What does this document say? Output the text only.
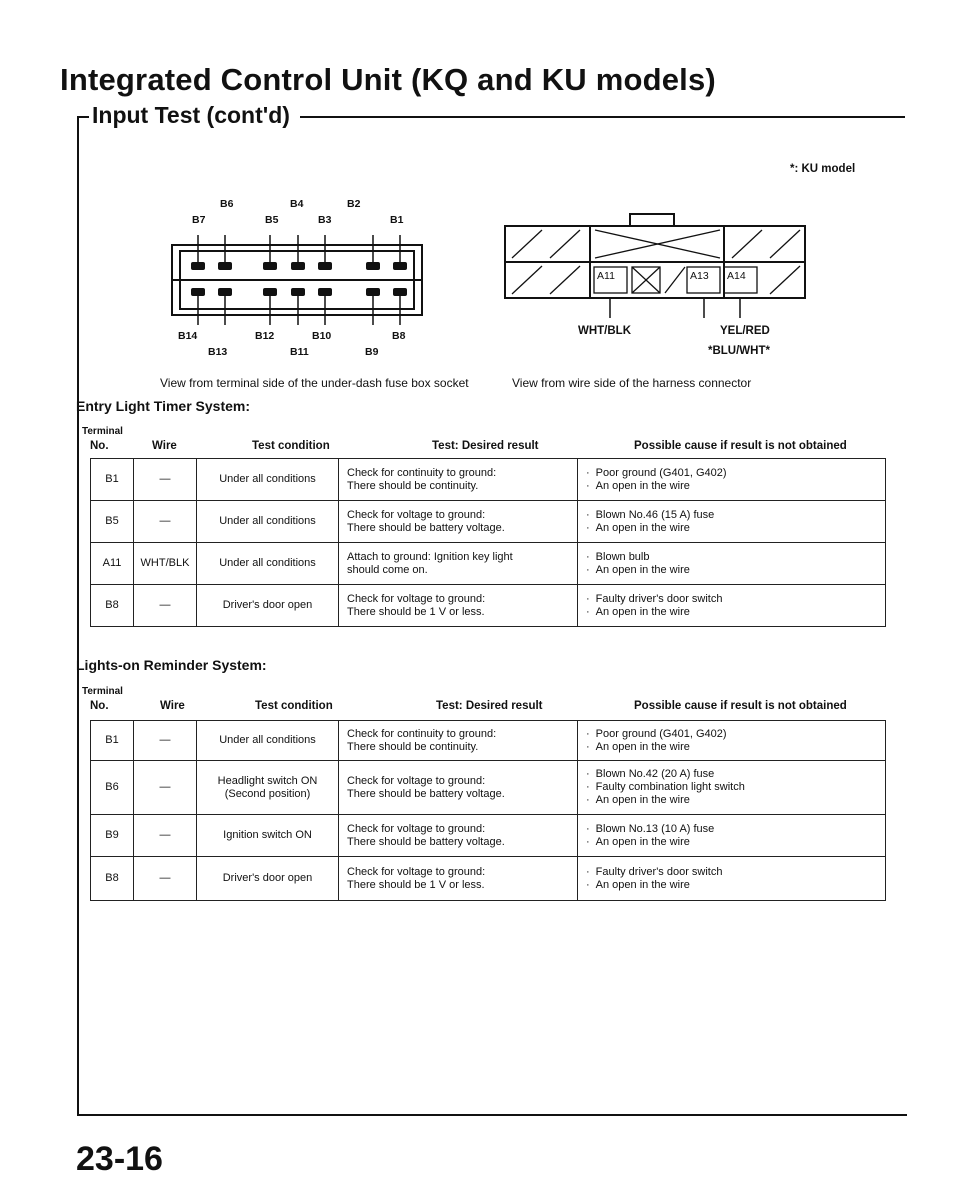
Integrated Control Unit (KQ and KU models)
Input Test (cont'd)
B6	B4	B2
B7	B5	B3	B1
B14	B12	B10	B8
B13	B11	B9
View from terminal side of the under-dash fuse box socket
*: KU model
A11	A13 A14
WHT/BLK	YEL/RED
*BLU/WHT*
View from wire side of the harness connector
Entry Light Timer System:
Terminal
No.	Wire	Test condition	Test: Desired result	Possible cause if result is not obtained
B1	—	Under all conditions	Check for continuity to ground:
There should be continuity.	· Poor ground (G401, G402)
· An open in the wire

B5	—	Under all conditions	Check for voltage to ground:
There should be battery voltage.	· Blown No.46 (15 A) fuse
· An open in the wire

A11	WHT/BLK	Under all conditions	Attach to ground: Ignition key light
should come on.	· Blown bulb
· An open in the wire

B8	—	Driver's door open	Check for voltage to ground:
There should be 1 V or less.	· Faulty driver's door switch
· An open in the wire
Lights-on Reminder System:
Terminal
No.	Wire	Test condition	Test: Desired result	Possible cause if result is not obtained
B1	—	Under all conditions	Check for continuity to ground:
There should be continuity.	· Poor ground (G401, G402)
· An open in the wire

B6	—	Headlight switch ON
(Second position)	Check for voltage to ground:
There should be battery voltage.	· Blown No.42 (20 A) fuse
· Faulty combination light switch
· An open in the wire

B9	—	Ignition switch ON	Check for voltage to ground:
There should be battery voltage.	· Blown No.13 (10 A) fuse
· An open in the wire

B8	—	Driver's door open	Check for voltage to ground:
There should be 1 V or less.	· Faulty driver's door switch
· An open in the wire
23-16
